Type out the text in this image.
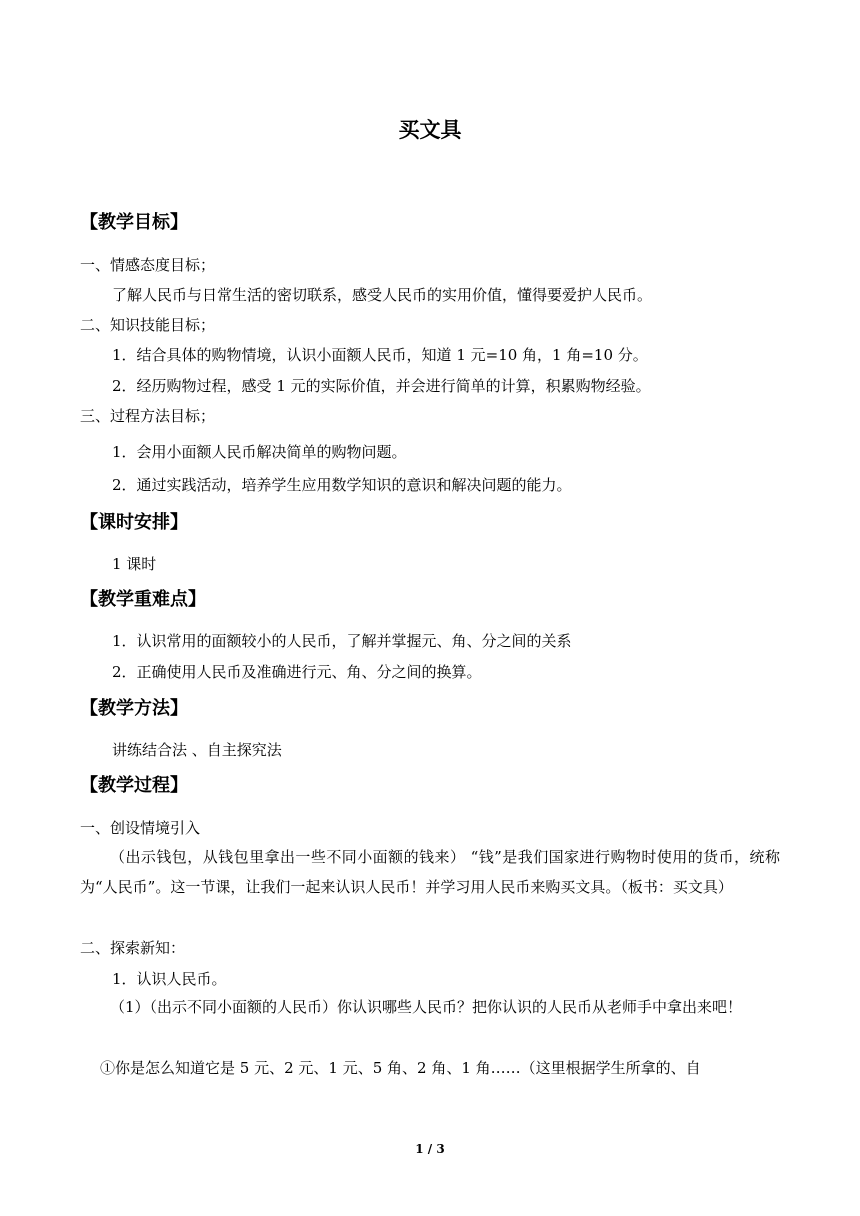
买文具
【教学目标】
一、情感态度目标；
了解人民币与日常生活的密切联系，感受人民币的实用价值，懂得要爱护人民币。
二、知识技能目标；
1．结合具体的购物情境，认识小面额人民币，知道 1 元=10 角，1 角=10 分。
2．经历购物过程，感受 1 元的实际价值，并会进行简单的计算，积累购物经验。
三、过程方法目标；
1．会用小面额人民币解决简单的购物问题。
2．通过实践活动，培养学生应用数学知识的意识和解决问题的能力。
【课时安排】
1 课时
【教学重难点】
1．认识常用的面额较小的人民币，了解并掌握元、角、分之间的关系
2．正确使用人民币及准确进行元、角、分之间的换算。
【教学方法】
讲练结合法 、自主探究法
【教学过程】
一、创设情境引入
（出示钱包，从钱包里拿出一些不同小面额的钱来） “钱”是我们国家进行购物时使用的货币，统称为“人民币”。这一节课，让我们一起来认识人民币！并学习用人民币来购买文具。（板书：买文具）
二、探索新知：
1．认识人民币。
（1）（出示不同小面额的人民币）你认识哪些人民币？把你认识的人民币从老师手中拿出来吧！
①你是怎么知道它是 5 元、2 元、1 元、5 角、2 角、1 角……（这里根据学生所拿的、自
1 / 3
